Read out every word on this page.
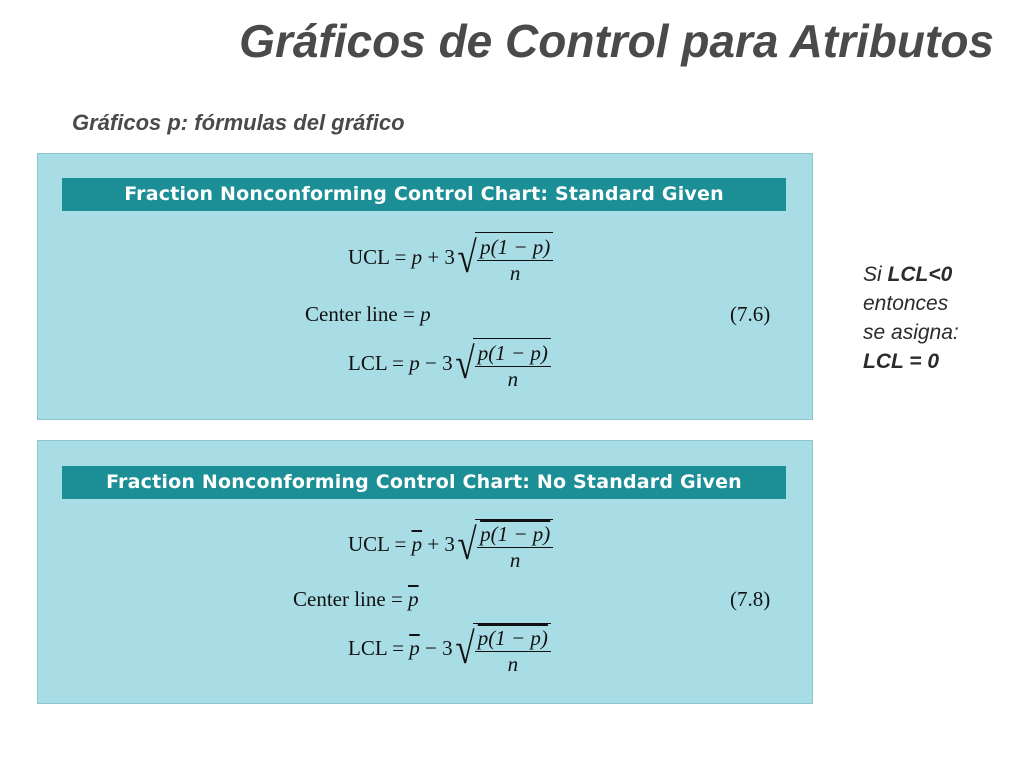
Gráficos de Control para Atributos
Gráficos p: fórmulas del gráfico
Fraction Nonconforming Control Chart: Standard Given
UCL = p + 3 √ $\frac{p(1 - p)}{n}$
Center line = p	(7.6)
LCL = p − 3 √ $\frac{p(1 - p)}{n}$
Fraction Nonconforming Control Chart: No Standard Given
UCL = $\overline{p} + 3$ √ $\frac{p(1 - p)}{n}$
Center line = $\overline{p}$	(7.8)
LCL = $\overline{p} - 3$ √ $\frac{p(1 - p)}{n}$
Si LCL<0
entonces
se asigna:
LCL = 0
